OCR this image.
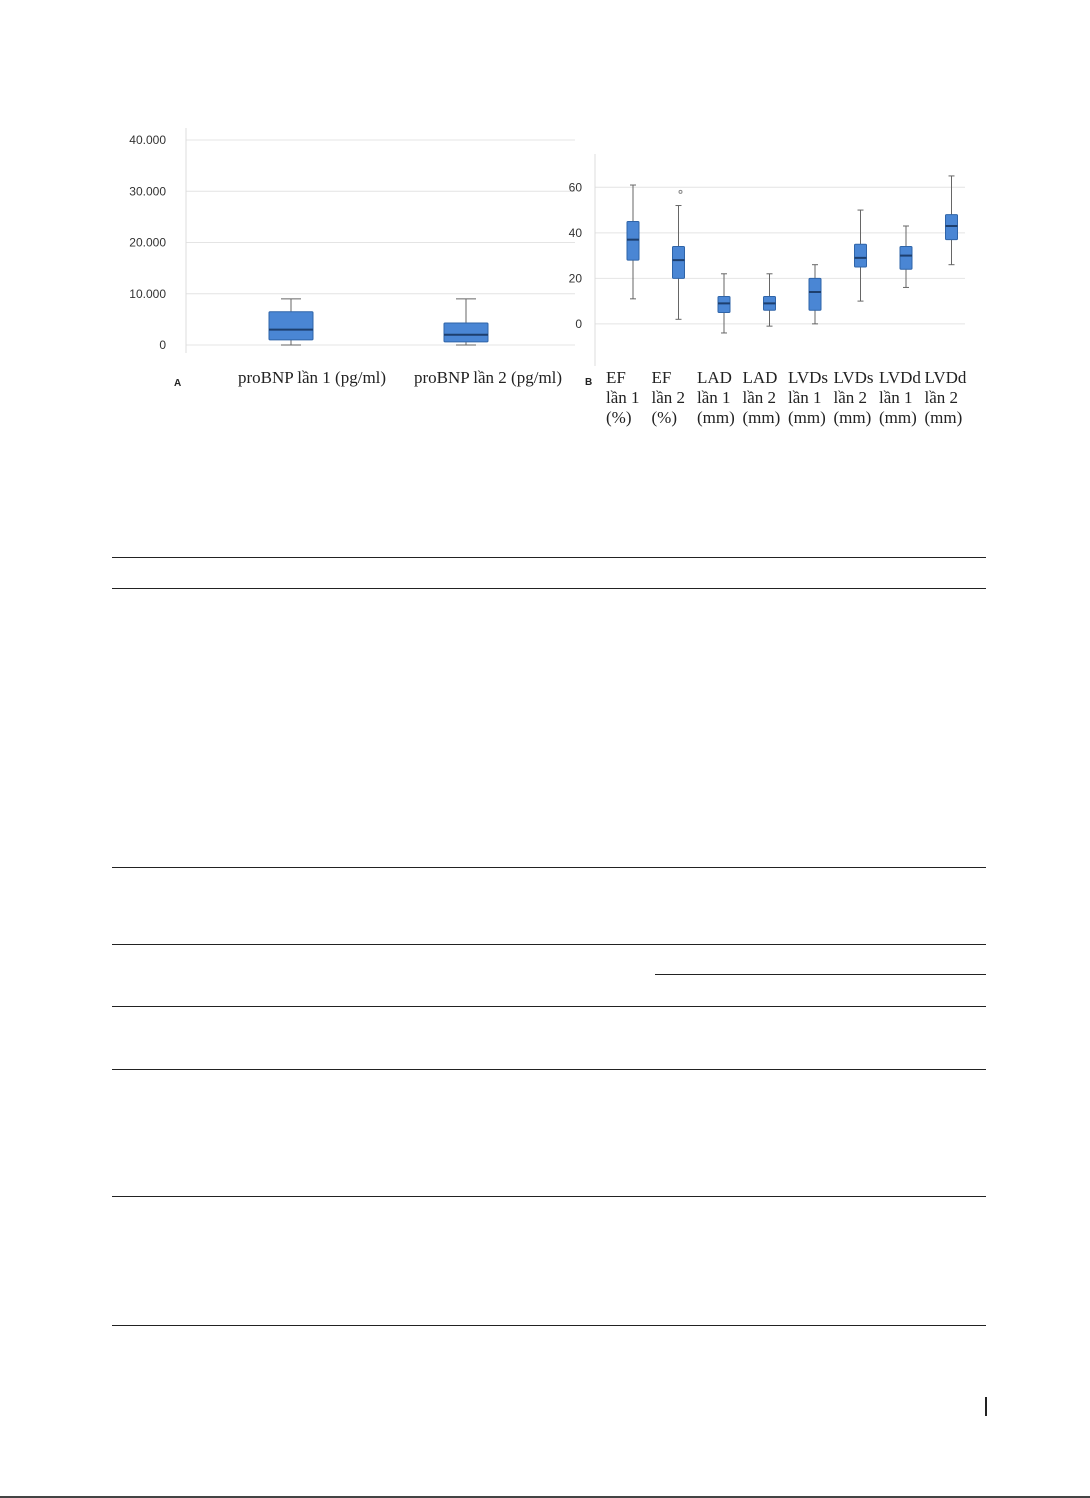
0
10.000
20.000
30.000
40.000
proBNP lần 1 (pg/ml) proBNP lần 2 (pg/ml)
A
0
20
40
60
EF
lần 1
(%)
EF
lần 2
(%)
LAD
lần 1
(mm)
LAD
lần 2
(mm)
LVDs
lần 1
(mm)
LVDs
lần 2
(mm)
LVDd
lần 1
(mm)
LVDd
lần 2
(mm)
B
